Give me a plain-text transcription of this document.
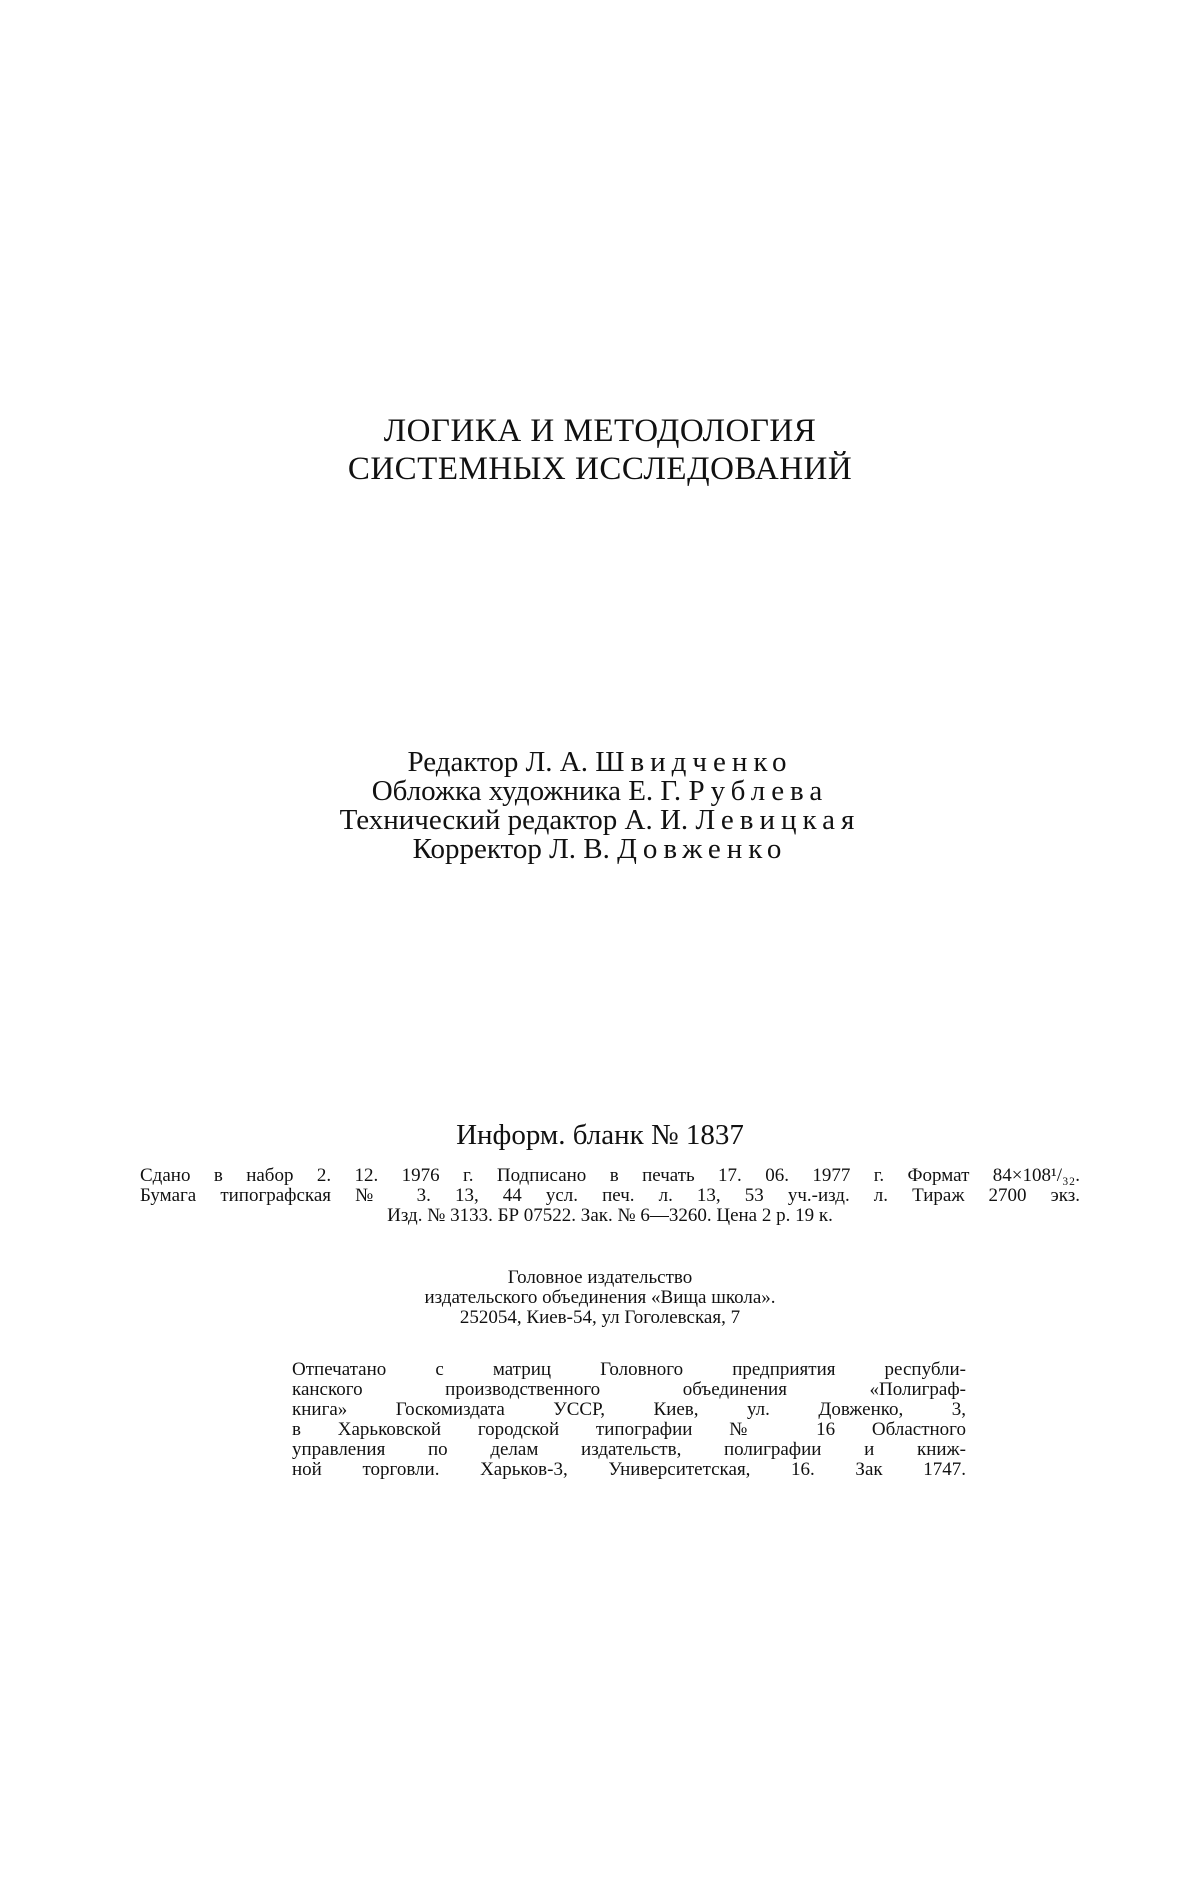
ЛОГИКА И МЕТОДОЛОГИЯ
СИСТЕМНЫХ ИССЛЕДОВАНИЙ
Редактор Л. А. Швидченко
Обложка художника Е. Г. Рублева
Технический редактор А. И. Левицкая
Корректор Л. В. Довженко
Информ. бланк № 1837
Сдано в набор 2. 12. 1976 г. Подписано в печать 17. 06. 1977 г. Формат 84×108¹/₃₂.
Бумага типографская № 3. 13, 44 усл. печ. л. 13, 53 уч.-изд. л. Тираж 2700 экз.
Изд. № 3133. БР 07522. Зак. № 6—3260. Цена 2 р. 19 к.
Головное издательство
издательского объединения «Вища школа».
252054, Киев-54, ул Гоголевская, 7
Отпечатано с матриц Головного предприятия республи-
канского производственного объединения «Полиграф-
книга» Госкомиздата УССР, Киев, ул. Довженко, 3,
в Харьковской городской типографии № 16 Областного
управления по делам издательств, полиграфии и книж-
ной торговли. Харьков-3, Университетская, 16. Зак 1747.
